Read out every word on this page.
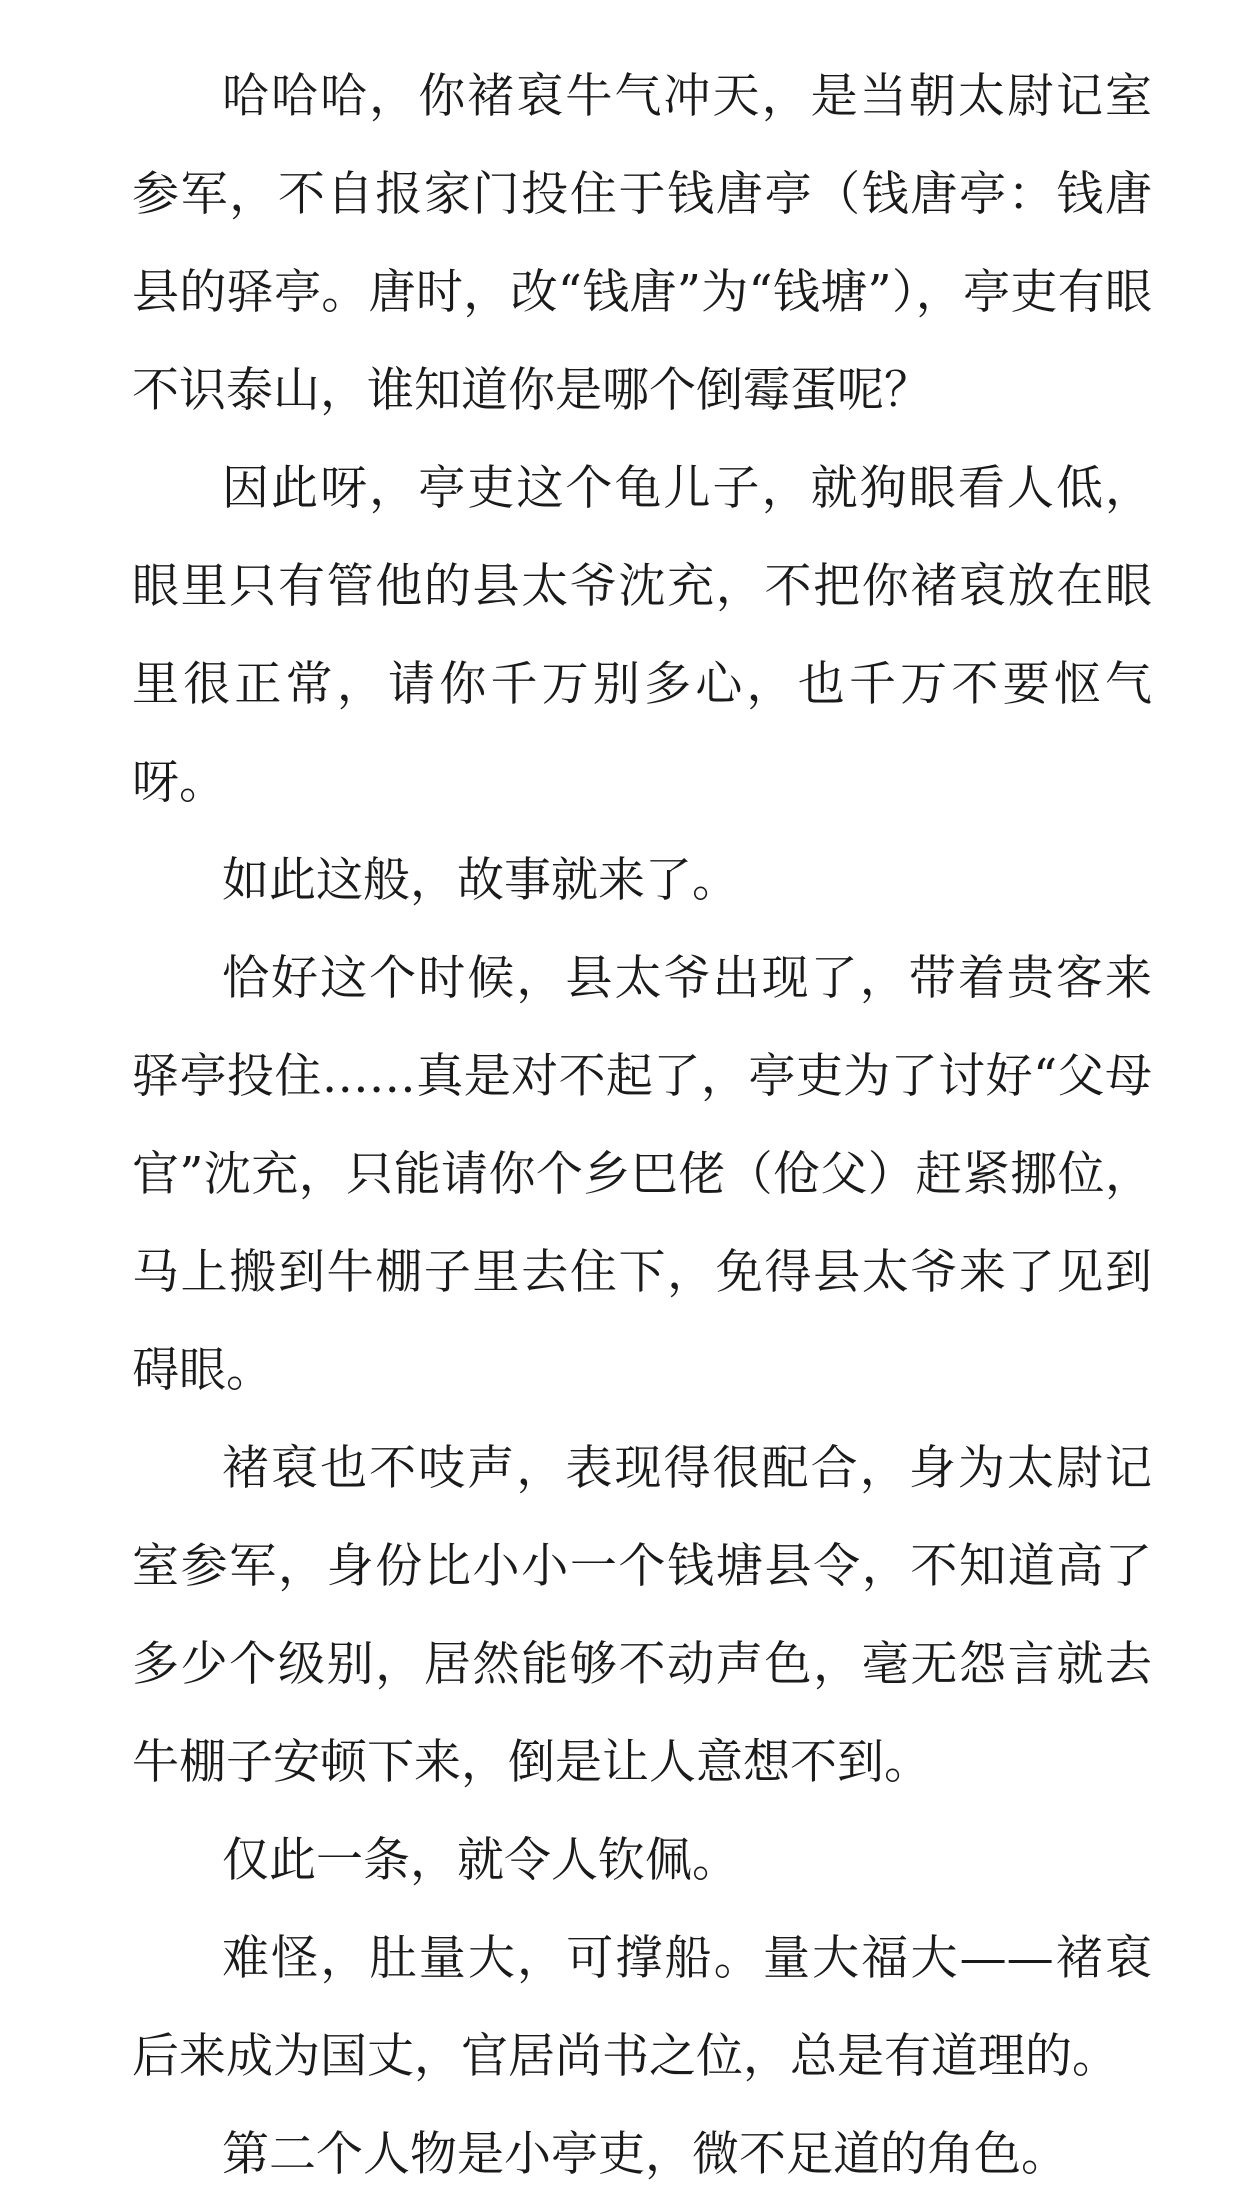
哈哈哈，你褚裒牛气冲天，是当朝太尉记室参军，不自报家门投住于钱唐亭（钱唐亭：钱唐县的驿亭。唐时，改“钱唐”为“钱塘”），亭吏有眼不识泰山，谁知道你是哪个倒霉蛋呢？

因此呀，亭吏这个龟儿子，就狗眼看人低，眼里只有管他的县太爷沈充，不把你褚裒放在眼里很正常，请你千万别多心，也千万不要怄气呀。

如此这般，故事就来了。

恰好这个时候，县太爷出现了，带着贵客来驿亭投住……真是对不起了，亭吏为了讨好“父母官”沈充，只能请你个乡巴佬（伧父）赶紧挪位，马上搬到牛棚子里去住下，免得县太爷来了见到碍眼。

褚裒也不吱声，表现得很配合，身为太尉记室参军，身份比小小一个钱塘县令，不知道高了多少个级别，居然能够不动声色，毫无怨言就去牛棚子安顿下来，倒是让人意想不到。

仅此一条，就令人钦佩。

难怪，肚量大，可撑船。量大福大——褚裒后来成为国丈，官居尚书之位，总是有道理的。

第二个人物是小亭吏，微不足道的角色。
